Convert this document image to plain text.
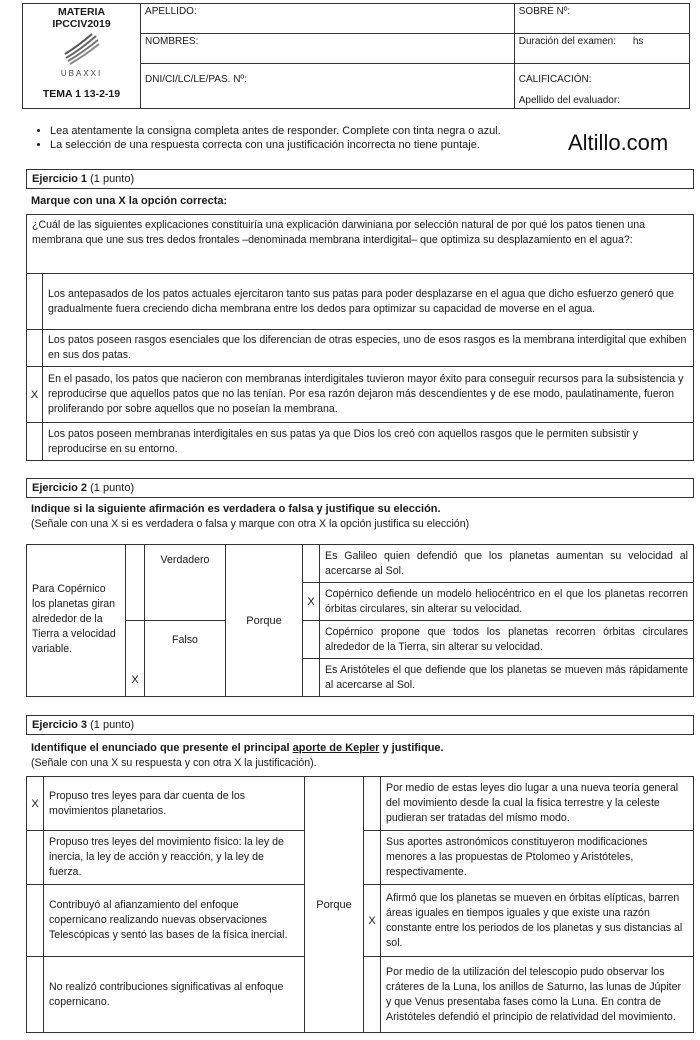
MATERIA
IPCCIV2019
UBAXXI
TEMA 1 13-2-19	APELLIDO:	SOBRE Nº:
	NOMBRES:	Duración del examen: hs
	DNI/CI/LC/LE/PAS. Nº:	CALIFICACIÓN:
Apellido del evaluador:
• Lea atentamente la consigna completa antes de responder. Complete con tinta negra o azul.
• La selección de una respuesta correcta con una justificación incorrecta no tiene puntaje.	Altillo.com
Ejercicio 1 (1 punto)
Marque con una X la opción correcta:
¿Cuál de las siguientes explicaciones constituiría una explicación darwiniana por selección natural de por qué los patos tienen una membrana que une sus tres dedos frontales –denominada membrana interdigital– que optimiza su desplazamiento en el agua?:	
	Los antepasados de los patos actuales ejercitaron tanto sus patas para poder desplazarse en el agua que dicho esfuerzo generó que gradualmente fuera creciendo dicha membrana entre los dedos para optimizar su capacidad de moverse en el agua.
	Los patos poseen rasgos esenciales que los diferencian de otras especies, uno de esos rasgos es la membrana interdigital que exhiben en sus dos patas.
X	En el pasado, los patos que nacieron con membranas interdigitales tuvieron mayor éxito para conseguir recursos para la subsistencia y reproducirse que aquellos patos que no las tenían. Por esa razón dejaron más descendientes y de ese modo, paulatinamente, fueron proliferando por sobre aquellos que no poseían la membrana.
	Los patos poseen membranas interdigitales en sus patas ya que Dios los creó con aquellos rasgos que le permiten subsistir y reproducirse en su entorno.
Ejercicio 2 (1 punto)
Indique si la siguiente afirmación es verdadera o falsa y justifique su elección.
(Señale con una X si es verdadera o falsa y marque con otra X la opción justifica su elección)
Para Copérnico los planetas giran alrededor de la Tierra a velocidad variable.		Verdadero	Porque		Es Galileo quien defendió que los planetas aumentan su velocidad al acercarse al Sol.
				X	Copérnico defiende un modelo heliocéntrico en el que los planetas recorren órbitas circulares, sin alterar su velocidad.
	X	Falso			Copérnico propone que todos los planetas recorren órbitas circulares alrededor de la Tierra, sin alterar su velocidad.
					Es Aristóteles el que defiende que los planetas se mueven más rápidamente al acercarse al Sol.
Ejercicio 3 (1 punto)
Identifique el enunciado que presente el principal aporte de Kepler y justifique.
(Señale con una X su respuesta y con otra X la justificación).
X	Propuso tres leyes para dar cuenta de los movimientos planetarios.	Porque		Por medio de estas leyes dio lugar a una nueva teoría general del movimiento desde la cual la física terrestre y la celeste pudieran ser tratadas del mismo modo.
	Propuso tres leyes del movimiento físico: la ley de inercia, la ley de acción y reacción, y la ley de fuerza.			Sus aportes astronómicos constituyeron modificaciones menores a las propuestas de Ptolomeo y Aristóteles, respectivamente.
	Contribuyó al afianzamiento del enfoque copernicano realizando nuevas observaciones Telescópicas y sentó las bases de la física inercial.		X	Afirmó que los planetas se mueven en órbitas elípticas, barren áreas iguales en tiempos iguales y que existe una razón constante entre los periodos de los planetas y sus distancias al sol.
	No realizó contribuciones significativas al enfoque copernicano.			Por medio de la utilización del telescopio pudo observar los cráteres de la Luna, los anillos de Saturno, las lunas de Júpiter y que Venus presentaba fases como la Luna. En contra de Aristóteles defendió el principio de relatividad del movimiento.
